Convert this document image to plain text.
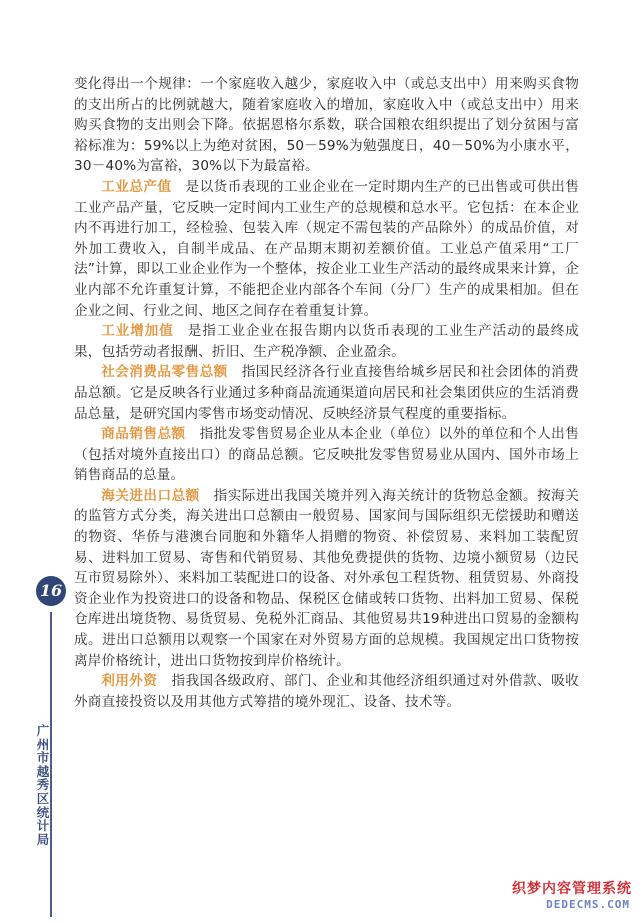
变化得出一个规律：一个家庭收入越少，家庭收入中（或总支出中）用来购买食物的支出所占的比例就越大，随着家庭收入的增加，家庭收入中（或总支出中）用来购买食物的支出则会下降。依据恩格尔系数，联合国粮农组织提出了划分贫困与富裕标准为：59%以上为绝对贫困，50－59%为勉强度日，40－50%为小康水平，30－40%为富裕，30%以下为最富裕。

工业总产值 是以货币表现的工业企业在一定时期内生产的已出售或可供出售工业产品产量，它反映一定时间内工业生产的总规模和总水平。它包括：在本企业内不再进行加工，经检验、包装入库（规定不需包装的产品除外）的成品价值，对外加工费收入，自制半成品、在产品期末期初差额价值。工业总产值采用“工厂法”计算，即以工业企业作为一个整体，按企业工业生产活动的最终成果来计算，企业内部不允许重复计算，不能把企业内部各个车间（分厂）生产的成果相加。但在企业之间、行业之间、地区之间存在着重复计算。

工业增加值 是指工业企业在报告期内以货币表现的工业生产活动的最终成果，包括劳动者报酬、折旧、生产税净额、企业盈余。

社会消费品零售总额 指国民经济各行业直接售给城乡居民和社会团体的消费品总额。它是反映各行业通过多种商品流通渠道向居民和社会集团供应的生活消费品总量，是研究国内零售市场变动情况、反映经济景气程度的重要指标。

商品销售总额 指批发零售贸易企业从本企业（单位）以外的单位和个人出售（包括对境外直接出口）的商品总额。它反映批发零售贸易业从国内、国外市场上销售商品的总量。

海关进出口总额 指实际进出我国关境并列入海关统计的货物总金额。按海关的监管方式分类，海关进出口总额由一般贸易、国家间与国际组织无偿援助和赠送的物资、华侨与港澳台同胞和外籍华人捐赠的物资、补偿贸易、来料加工装配贸易、进料加工贸易、寄售和代销贸易、其他免费提供的货物、边境小额贸易（边民互市贸易除外）、来料加工装配进口的设备、对外承包工程货物、租赁贸易、外商投资企业作为投资进口的设备和物品、保税区仓储或转口货物、出料加工贸易、保税仓库进出境货物、易货贸易、免税外汇商品、其他贸易共19种进出口贸易的金额构成。进出口总额用以观察一个国家在对外贸易方面的总规模。我国规定出口货物按离岸价格统计，进出口货物按到岸价格统计。

利用外资 指我国各级政府、部门、企业和其他经济组织通过对外借款、吸收外商直接投资以及用其他方式筹措的境外现汇、设备、技术等。

16
广州市越秀区统计局
织梦内容管理系统
DEDECMS.COM
